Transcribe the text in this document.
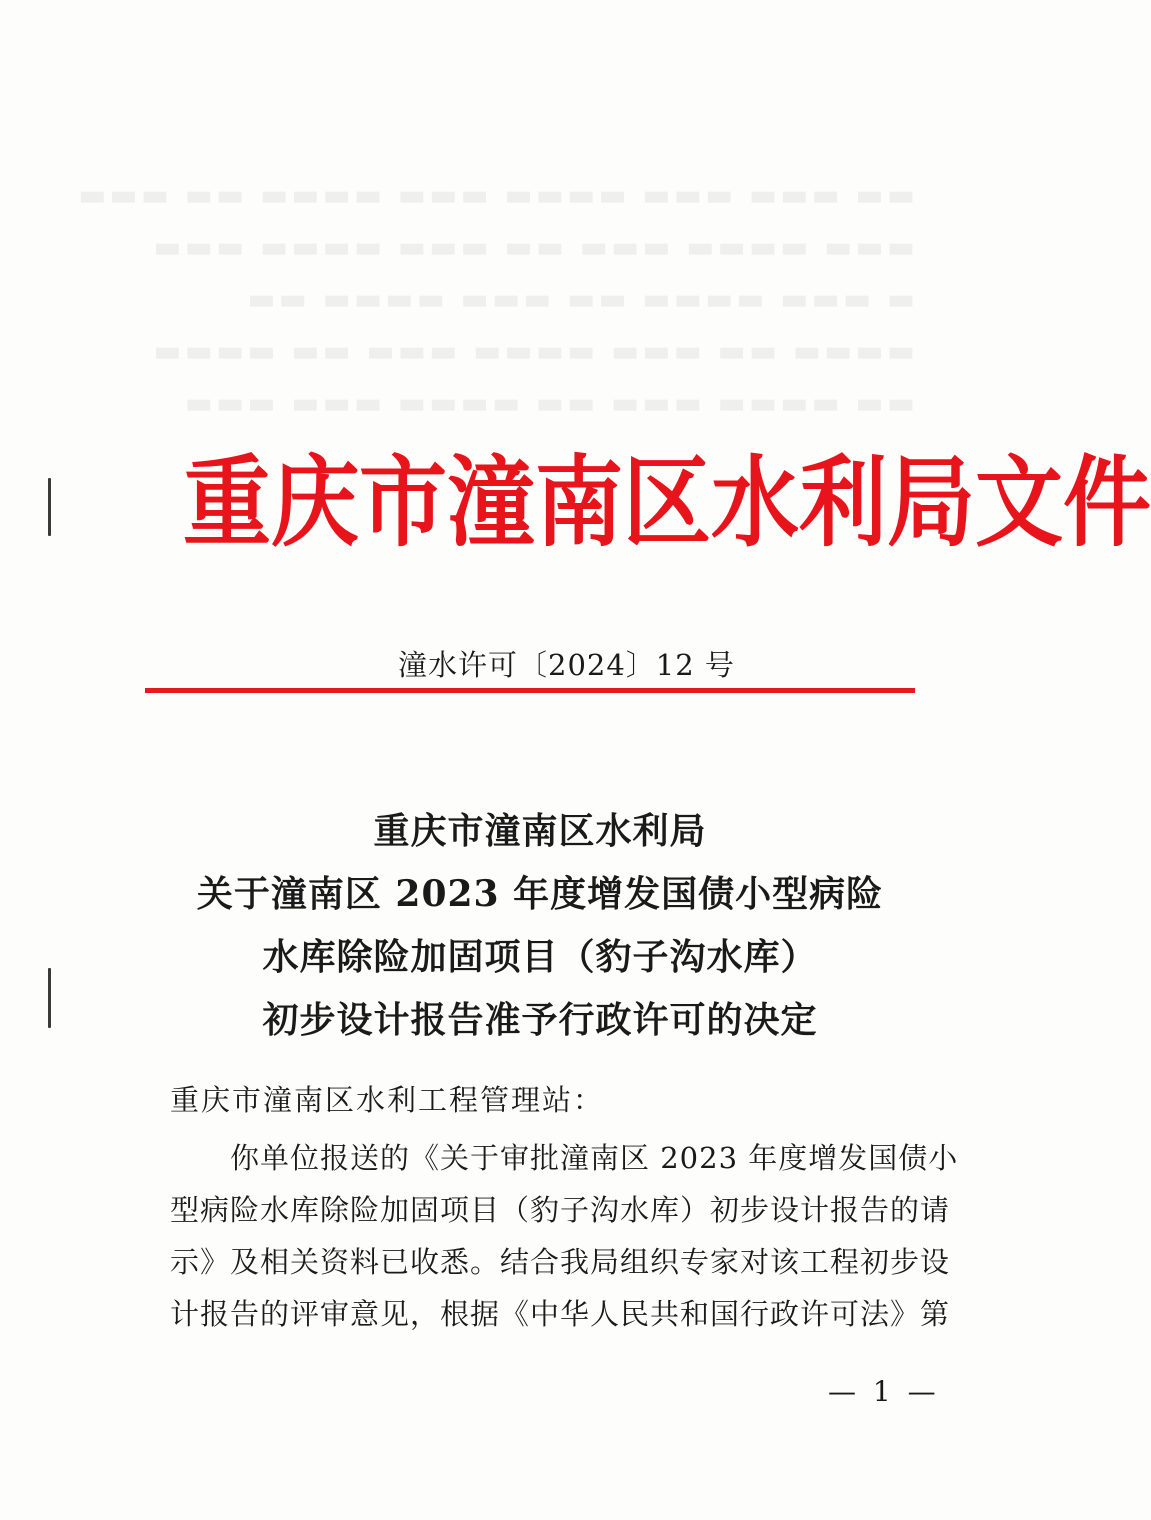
▬▬ ▬▬▬ ▬▬▬ ▬▬▬▬ ▬▬▬ ▬▬▬▬ ▬▬ ▬▬▬
▬▬▬ ▬▬▬▬ ▬▬▬ ▬▬ ▬▬▬ ▬▬▬▬ ▬▬▬
▬ ▬▬▬ ▬▬▬▬ ▬▬ ▬▬▬ ▬▬▬▬ ▬▬
▬▬▬▬ ▬▬ ▬▬▬ ▬▬▬▬ ▬▬▬ ▬▬ ▬▬▬▬
▬▬ ▬▬▬▬ ▬▬▬ ▬▬ ▬▬▬▬ ▬▬▬ ▬▬▬
重庆市潼南区水利局文件
潼水许可〔2024〕12 号
重庆市潼南区水利局
关于潼南区 2023 年度增发国债小型病险
水库除险加固项目（豹子沟水库）
初步设计报告准予行政许可的决定
重庆市潼南区水利工程管理站：
你单位报送的《关于审批潼南区 2023 年度增发国债小
型病险水库除险加固项目（豹子沟水库）初步设计报告的请
示》及相关资料已收悉。结合我局组织专家对该工程初步设
计报告的评审意见，根据《中华人民共和国行政许可法》第
— 1 —
